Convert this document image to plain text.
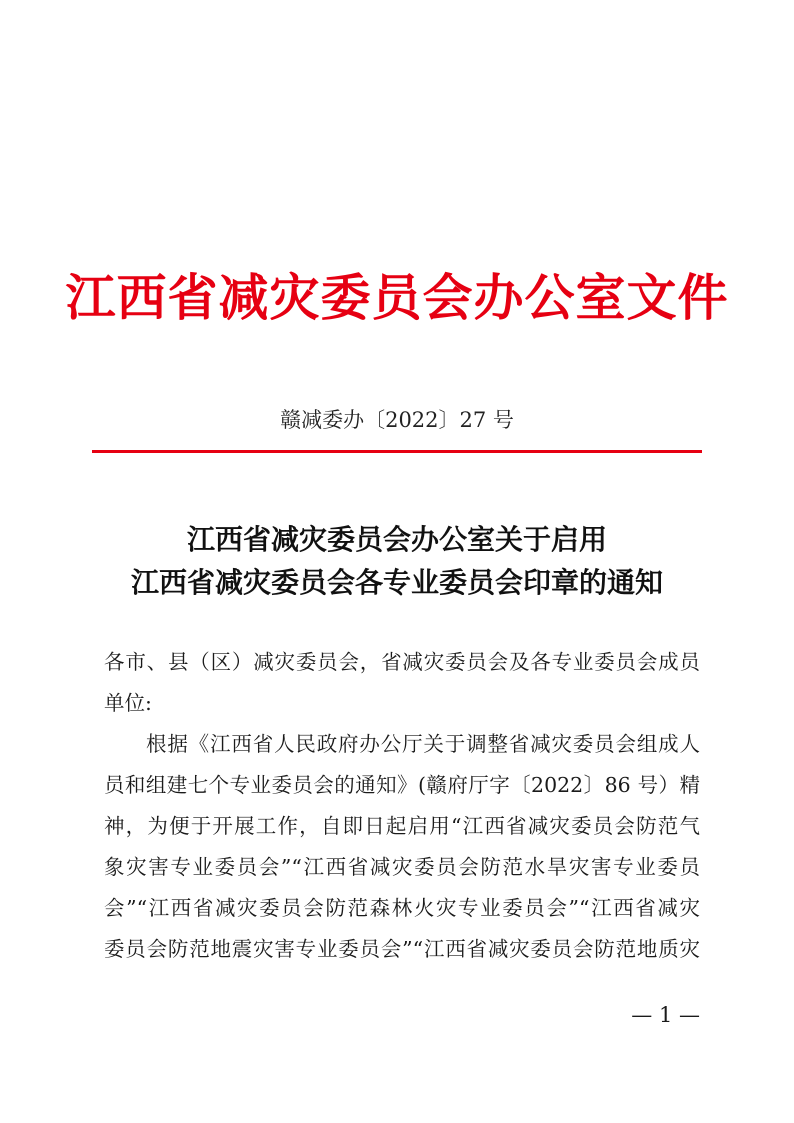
江西省减灾委员会办公室文件
赣减委办〔2022〕27 号
江西省减灾委员会办公室关于启用
江西省减灾委员会各专业委员会印章的通知
各市、县（区）减灾委员会，省减灾委员会及各专业委员会成员
单位:
根据《江西省人民政府办公厅关于调整省减灾委员会组成人
员和组建七个专业委员会的通知》(赣府厅字〔2022〕86 号）精
神，为便于开展工作，自即日起启用“江西省减灾委员会防范气
象灾害专业委员会”“江西省减灾委员会防范水旱灾害专业委员
会”“江西省减灾委员会防范森林火灾专业委员会”“江西省减灾
委员会防范地震灾害专业委员会”“江西省减灾委员会防范地质灾
— 1 —
